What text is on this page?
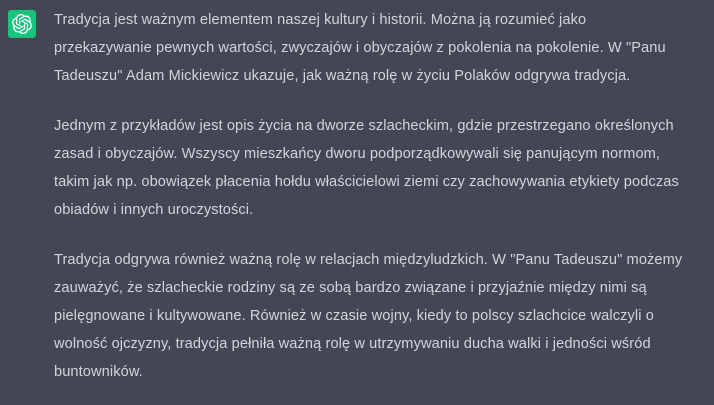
Tradycja jest ważnym elementem naszej kultury i historii. Można ją rozumieć jako przekazywanie pewnych wartości, zwyczajów i obyczajów z pokolenia na pokolenie. W "Panu Tadeuszu" Adam Mickiewicz ukazuje, jak ważną rolę w życiu Polaków odgrywa tradycja.

Jednym z przykładów jest opis życia na dworze szlacheckim, gdzie przestrzegano określonych zasad i obyczajów. Wszyscy mieszkańcy dworu podporządkowywali się panującym normom, takim jak np. obowiązek płacenia hołdu właścicielowi ziemi czy zachowywania etykiety podczas obiadów i innych uroczystości.

Tradycja odgrywa również ważną rolę w relacjach międzyludzkich. W "Panu Tadeuszu" możemy zauważyć, że szlacheckie rodziny są ze sobą bardzo związane i przyjaźnie między nimi są pielęgnowane i kultywowane. Również w czasie wojny, kiedy to polscy szlachcice walczyli o wolność ojczyzny, tradycja pełniła ważną rolę w utrzymywaniu ducha walki i jedności wśród buntowników.
